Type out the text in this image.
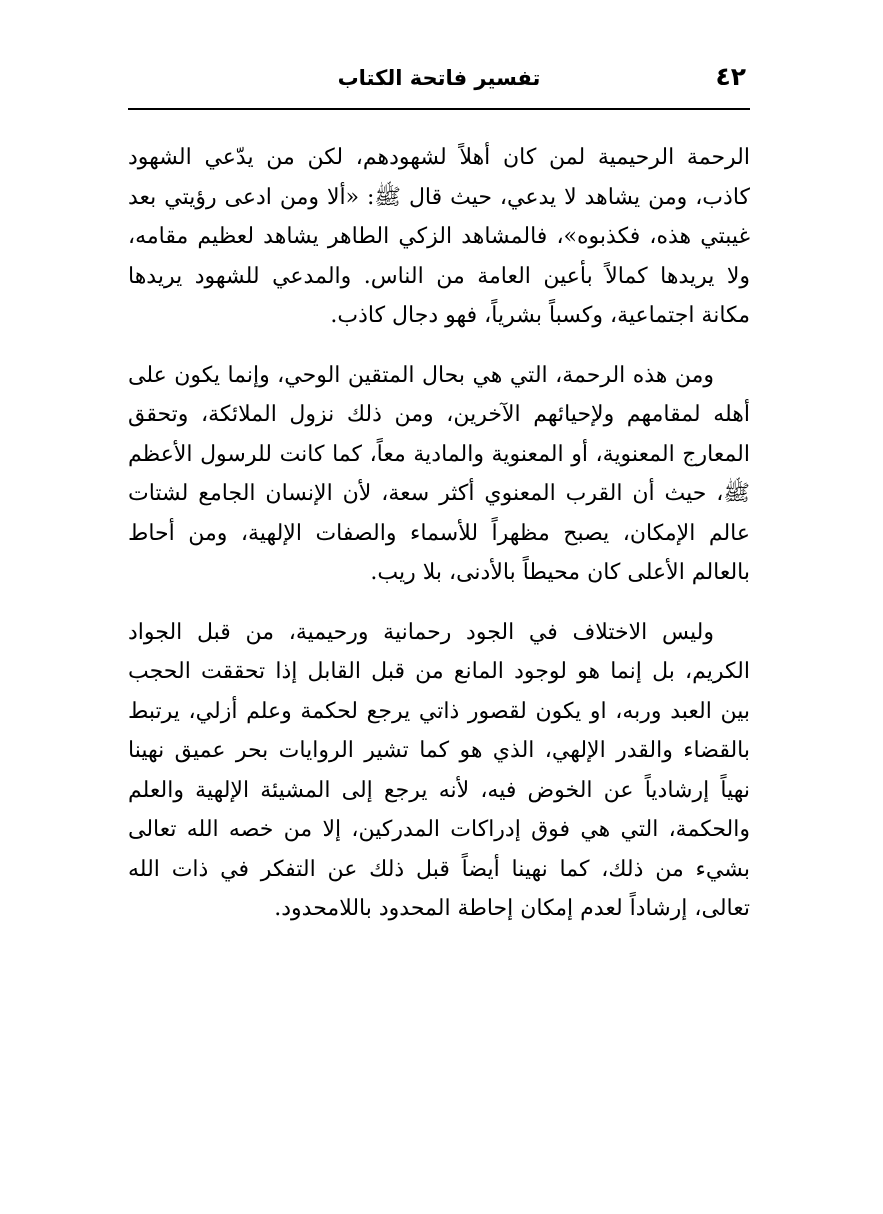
٤٢
تفسير فاتحة الكتاب

الرحمة الرحيمية لمن كان أهلاً لشهودهم، لكن من يدّعي الشهود كاذب، ومن يشاهد لا يدعي، حيث قال ﷺ: «ألا ومن ادعى رؤيتي بعد غيبتي هذه، فكذبوه»، فالمشاهد الزكي الطاهر يشاهد لعظيم مقامه، ولا يريدها كمالاً بأعين العامة من الناس. والمدعي للشهود يريدها مكانة اجتماعية، وكسباً بشرياً، فهو دجال كاذب.

ومن هذه الرحمة، التي هي بحال المتقين الوحي، وإنما يكون على أهله لمقامهم ولإحيائهم الآخرين، ومن ذلك نزول الملائكة، وتحقق المعارج المعنوية، أو المعنوية والمادية معاً، كما كانت للرسول الأعظم ﷺ، حيث أن القرب المعنوي أكثر سعة، لأن الإنسان الجامع لشتات عالم الإمكان، يصبح مظهراً للأسماء والصفات الإلهية، ومن أحاط بالعالم الأعلى كان محيطاً بالأدنى، بلا ريب.

وليس الاختلاف في الجود رحمانية ورحيمية، من قبل الجواد الكريم، بل إنما هو لوجود المانع من قبل القابل إذا تحققت الحجب بين العبد وربه، او يكون لقصور ذاتي يرجع لحكمة وعلم أزلي، يرتبط بالقضاء والقدر الإلهي، الذي هو كما تشير الروايات بحر عميق نهينا نهياً إرشادياً عن الخوض فيه، لأنه يرجع إلى المشيئة الإلهية والعلم والحكمة، التي هي فوق إدراكات المدركين، إلا من خصه الله تعالى بشيء من ذلك، كما نهينا أيضاً قبل ذلك عن التفكر في ذات الله تعالى، إرشاداً لعدم إمكان إحاطة المحدود باللامحدود.
